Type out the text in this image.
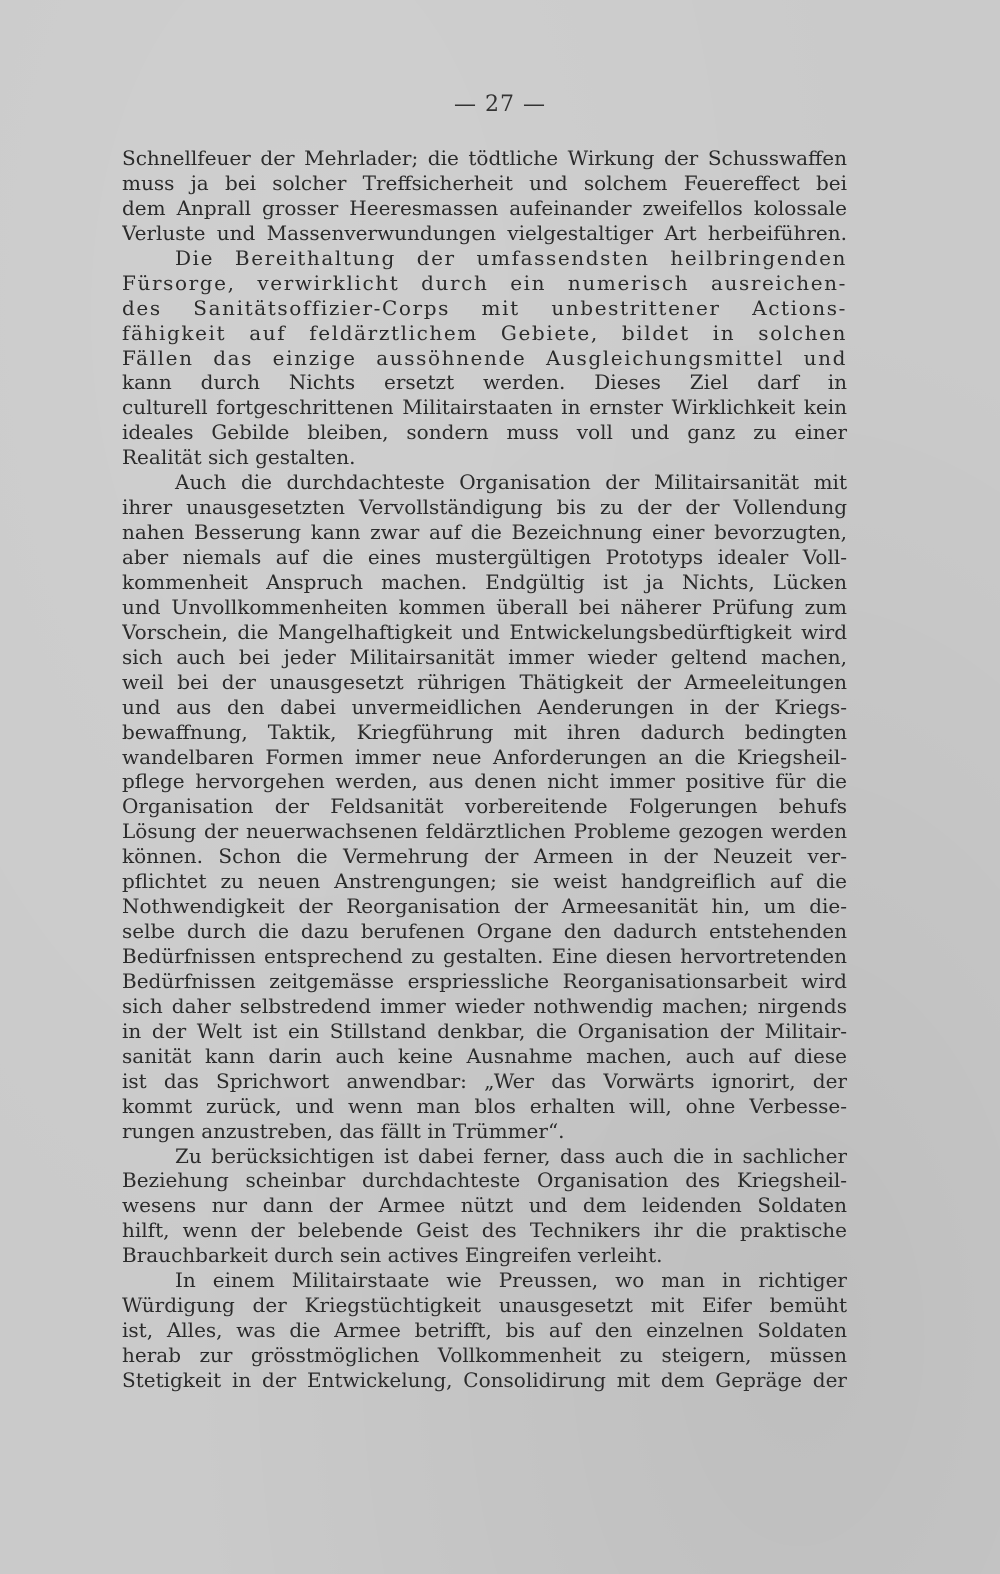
— 27 —
Schnellfeuer der Mehrlader; die tödtliche Wirkung der Schusswaffen
muss ja bei solcher Treffsicherheit und solchem Feuereffect bei
dem Anprall grosser Heeresmassen aufeinander zweifellos kolossale
Verluste und Massenverwundungen vielgestaltiger Art herbeiführen.
Die Bereithaltung der umfassendsten heilbringenden
Fürsorge, verwirklicht durch ein numerisch ausreichen-
des Sanitätsoffizier-Corps mit unbestrittener Actions-
fähigkeit auf feldärztlichem Gebiete, bildet in solchen
Fällen das einzige aussöhnende Ausgleichungsmittel und
kann durch Nichts ersetzt werden. Dieses Ziel darf in
culturell fortgeschrittenen Militairstaaten in ernster Wirklichkeit kein
ideales Gebilde bleiben, sondern muss voll und ganz zu einer
Realität sich gestalten.
Auch die durchdachteste Organisation der Militairsanität mit
ihrer unausgesetzten Vervollständigung bis zu der der Vollendung
nahen Besserung kann zwar auf die Bezeichnung einer bevorzugten,
aber niemals auf die eines mustergültigen Prototyps idealer Voll-
kommenheit Anspruch machen. Endgültig ist ja Nichts, Lücken
und Unvollkommenheiten kommen überall bei näherer Prüfung zum
Vorschein, die Mangelhaftigkeit und Entwickelungsbedürftigkeit wird
sich auch bei jeder Militairsanität immer wieder geltend machen,
weil bei der unausgesetzt rührigen Thätigkeit der Armeeleitungen
und aus den dabei unvermeidlichen Aenderungen in der Kriegs-
bewaffnung, Taktik, Kriegführung mit ihren dadurch bedingten
wandelbaren Formen immer neue Anforderungen an die Kriegsheil-
pflege hervorgehen werden, aus denen nicht immer positive für die
Organisation der Feldsanität vorbereitende Folgerungen behufs
Lösung der neuerwachsenen feldärztlichen Probleme gezogen werden
können. Schon die Vermehrung der Armeen in der Neuzeit ver-
pflichtet zu neuen Anstrengungen; sie weist handgreiflich auf die
Nothwendigkeit der Reorganisation der Armeesanität hin, um die-
selbe durch die dazu berufenen Organe den dadurch entstehenden
Bedürfnissen entsprechend zu gestalten. Eine diesen hervortretenden
Bedürfnissen zeitgemässe erspriessliche Reorganisationsarbeit wird
sich daher selbstredend immer wieder nothwendig machen; nirgends
in der Welt ist ein Stillstand denkbar, die Organisation der Militair-
sanität kann darin auch keine Ausnahme machen, auch auf diese
ist das Sprichwort anwendbar: „Wer das Vorwärts ignorirt, der
kommt zurück, und wenn man blos erhalten will, ohne Verbesse-
rungen anzustreben, das fällt in Trümmer“.
Zu berücksichtigen ist dabei ferner, dass auch die in sachlicher
Beziehung scheinbar durchdachteste Organisation des Kriegsheil-
wesens nur dann der Armee nützt und dem leidenden Soldaten
hilft, wenn der belebende Geist des Technikers ihr die praktische
Brauchbarkeit durch sein actives Eingreifen verleiht.
In einem Militairstaate wie Preussen, wo man in richtiger
Würdigung der Kriegstüchtigkeit unausgesetzt mit Eifer bemüht
ist, Alles, was die Armee betrifft, bis auf den einzelnen Soldaten
herab zur grösstmöglichen Vollkommenheit zu steigern, müssen
Stetigkeit in der Entwickelung, Consolidirung mit dem Gepräge der
